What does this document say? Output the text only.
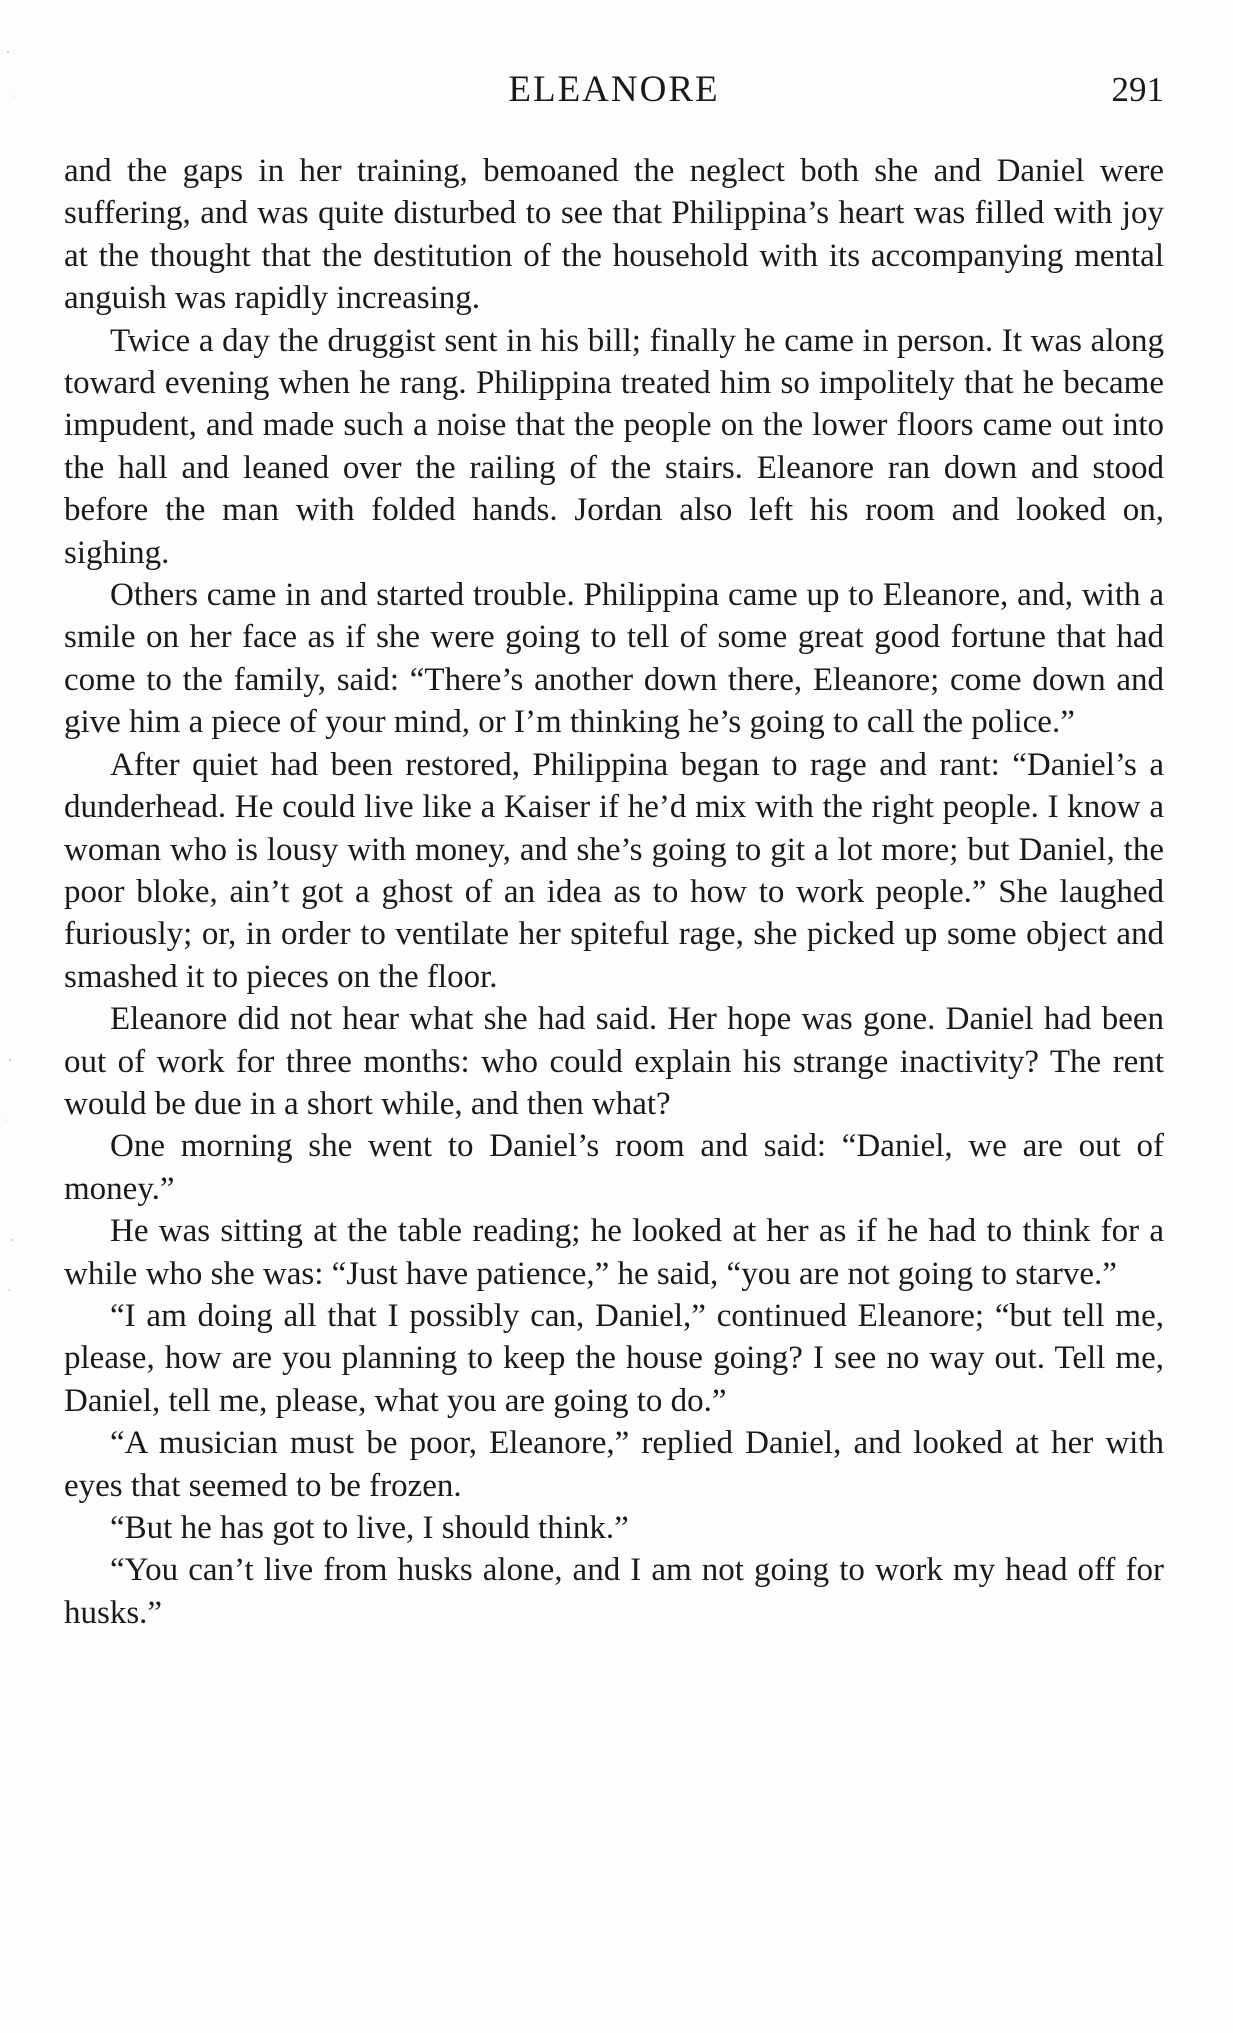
ELEANORE	291

and the gaps in her training, bemoaned the neglect both she and Daniel were suffering, and was quite disturbed to see that Philippina’s heart was filled with joy at the thought that the destitution of the household with its accompanying mental anguish was rapidly increasing.

Twice a day the druggist sent in his bill; finally he came in person. It was along toward evening when he rang. Philippina treated him so impolitely that he became impudent, and made such a noise that the people on the lower floors came out into the hall and leaned over the railing of the stairs. Eleanore ran down and stood before the man with folded hands. Jordan also left his room and looked on, sighing.

Others came in and started trouble. Philippina came up to Eleanore, and, with a smile on her face as if she were going to tell of some great good fortune that had come to the family, said: “There’s another down there, Eleanore; come down and give him a piece of your mind, or I’m thinking he’s going to call the police.”

After quiet had been restored, Philippina began to rage and rant: “Daniel’s a dunderhead. He could live like a Kaiser if he’d mix with the right people. I know a woman who is lousy with money, and she’s going to git a lot more; but Daniel, the poor bloke, ain’t got a ghost of an idea as to how to work people.” She laughed furiously; or, in order to ventilate her spiteful rage, she picked up some object and smashed it to pieces on the floor.

Eleanore did not hear what she had said. Her hope was gone. Daniel had been out of work for three months: who could explain his strange inactivity? The rent would be due in a short while, and then what?

One morning she went to Daniel’s room and said: “Daniel, we are out of money.”

He was sitting at the table reading; he looked at her as if he had to think for a while who she was: “Just have patience,” he said, “you are not going to starve.”

“I am doing all that I possibly can, Daniel,” continued Eleanore; “but tell me, please, how are you planning to keep the house going? I see no way out. Tell me, Daniel, tell me, please, what you are going to do.”

“A musician must be poor, Eleanore,” replied Daniel, and looked at her with eyes that seemed to be frozen.

“But he has got to live, I should think.”

“You can’t live from husks alone, and I am not going to work my head off for husks.”
